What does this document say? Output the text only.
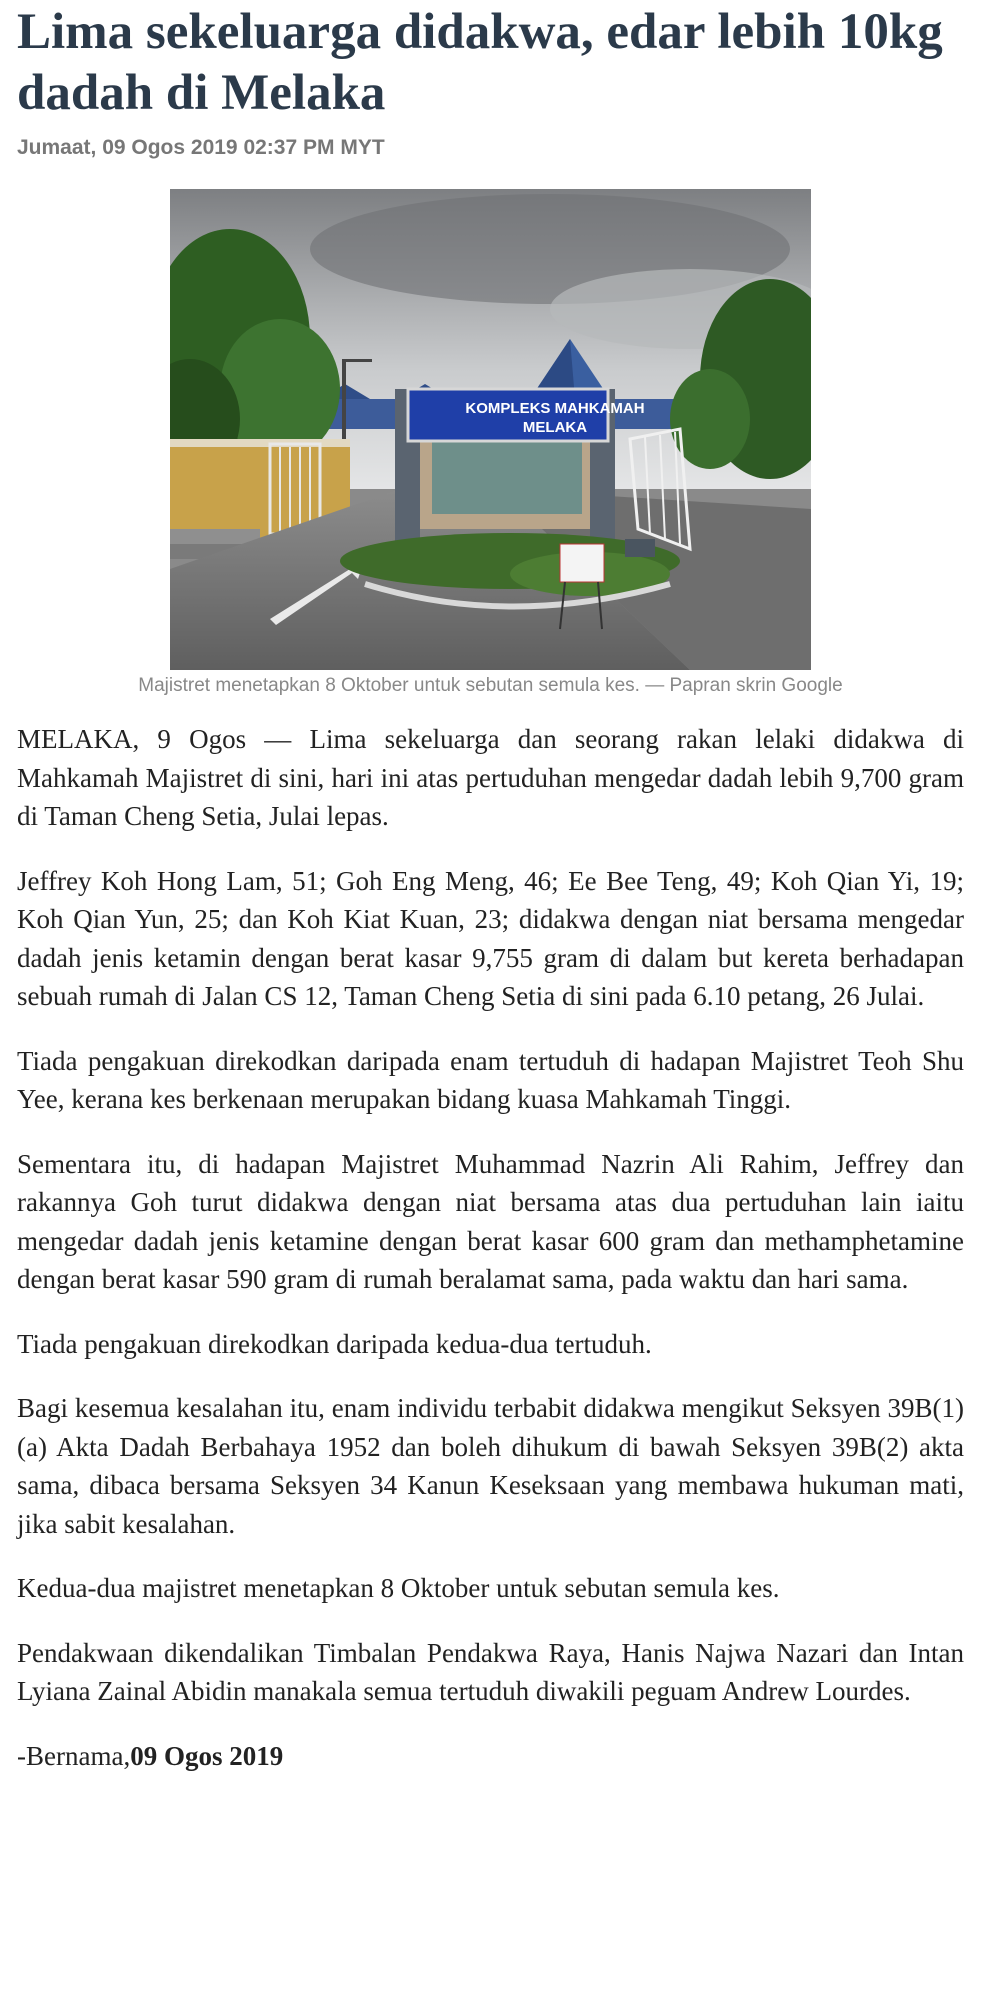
Lima sekeluarga didakwa, edar lebih 10kg dadah di Melaka
Jumaat, 09 Ogos 2019 02:37 PM MYT
KOMPLEKS MAHKAMAH
MELAKA
Majistret menetapkan 8 Oktober untuk sebutan semula kes. — Papran skrin Google

MELAKA, 9 Ogos — Lima sekeluarga dan seorang rakan lelaki didakwa di Mahkamah Majistret di sini, hari ini atas pertuduhan mengedar dadah lebih 9,700 gram di Taman Cheng Setia, Julai lepas.

Jeffrey Koh Hong Lam, 51; Goh Eng Meng, 46; Ee Bee Teng, 49; Koh Qian Yi, 19; Koh Qian Yun, 25; dan Koh Kiat Kuan, 23; didakwa dengan niat bersama mengedar dadah jenis ketamin dengan berat kasar 9,755 gram di dalam but kereta berhadapan sebuah rumah di Jalan CS 12, Taman Cheng Setia di sini pada 6.10 petang, 26 Julai.

Tiada pengakuan direkodkan daripada enam tertuduh di hadapan Majistret Teoh Shu Yee, kerana kes berkenaan merupakan bidang kuasa Mahkamah Tinggi.

Sementara itu, di hadapan Majistret Muhammad Nazrin Ali Rahim, Jeffrey dan rakannya Goh turut didakwa dengan niat bersama atas dua pertuduhan lain iaitu mengedar dadah jenis ketamine dengan berat kasar 600 gram dan methamphetamine dengan berat kasar 590 gram di rumah beralamat sama, pada waktu dan hari sama.

Tiada pengakuan direkodkan daripada kedua-dua tertuduh.

Bagi kesemua kesalahan itu, enam individu terbabit didakwa mengikut Seksyen 39B(1)(a) Akta Dadah Berbahaya 1952 dan boleh dihukum di bawah Seksyen 39B(2) akta sama, dibaca bersama Seksyen 34 Kanun Keseksaan yang membawa hukuman mati, jika sabit kesalahan.

Kedua-dua majistret menetapkan 8 Oktober untuk sebutan semula kes.

Pendakwaan dikendalikan Timbalan Pendakwa Raya, Hanis Najwa Nazari dan Intan Lyiana Zainal Abidin manakala semua tertuduh diwakili peguam Andrew Lourdes.

-Bernama,09 Ogos 2019
